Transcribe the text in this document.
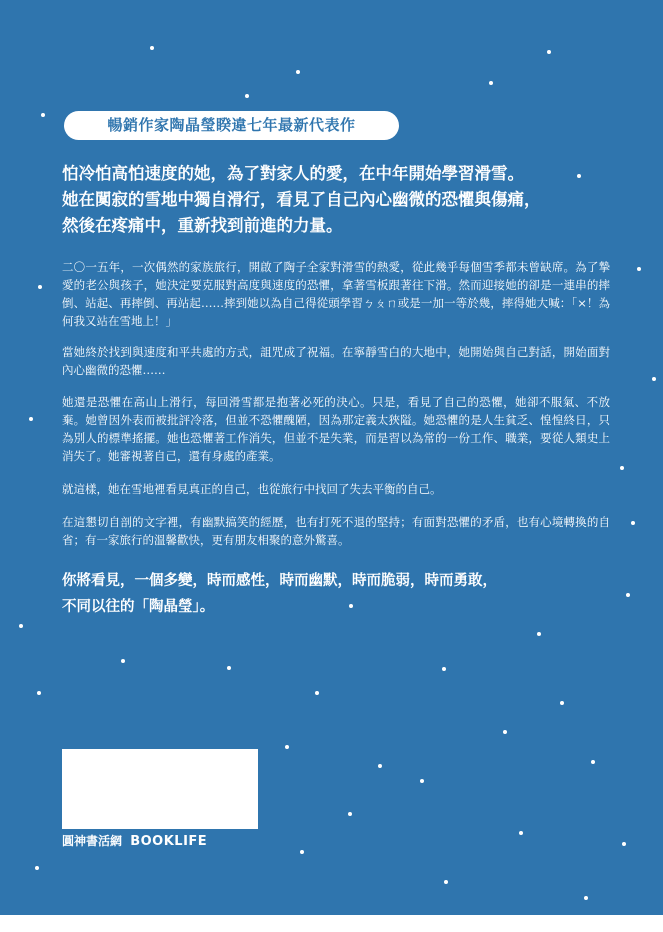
暢銷作家陶晶瑩睽違七年最新代表作
怕冷怕高怕速度的她，為了對家人的愛，在中年開始學習滑雪。
她在闃寂的雪地中獨自滑行，看見了自己內心幽微的恐懼與傷痛，
然後在疼痛中，重新找到前進的力量。
二〇一五年，一次偶然的家族旅行，開啟了陶子全家對滑雪的熱愛，從此幾乎每個雪季都未曾缺席。為了摯愛的老公與孩子，她決定要克服對高度與速度的恐懼，拿著雪板跟著往下滑。然而迎接她的卻是一連串的摔倒、站起、再摔倒、再站起……摔到她以為自己得從頭學習ㄅㄆㄇ或是一加一等於幾，摔得她大喊：「×！為何我又站在雪地上！」
當她終於找到與速度和平共處的方式，詛咒成了祝福。在寧靜雪白的大地中，她開始與自己對話，開始面對內心幽微的恐懼……
她還是恐懼在高山上滑行，每回滑雪都是抱著必死的決心。只是，看見了自己的恐懼，她卻不服氣、不放棄。她曾因外表而被批評冷落，但並不恐懼醜陋，因為那定義太狹隘。她恐懼的是人生貧乏、惶惶終日，只為別人的標準搖擺。她也恐懼著工作消失，但並不是失業，而是習以為常的一份工作、職業，要從人類史上消失了。她審視著自己，還有身處的產業。
就這樣，她在雪地裡看見真正的自己，也從旅行中找回了失去平衡的自己。
在這懇切自剖的文字裡，有幽默搞笑的經歷，也有打死不退的堅持；有面對恐懼的矛盾，也有心境轉換的自省；有一家旅行的溫馨歡快，更有朋友相聚的意外驚喜。
你將看見，一個多變，時而感性，時而幽默，時而脆弱，時而勇敢，
不同以往的「陶晶瑩」。
圓神書活網 BOOKLIFE
